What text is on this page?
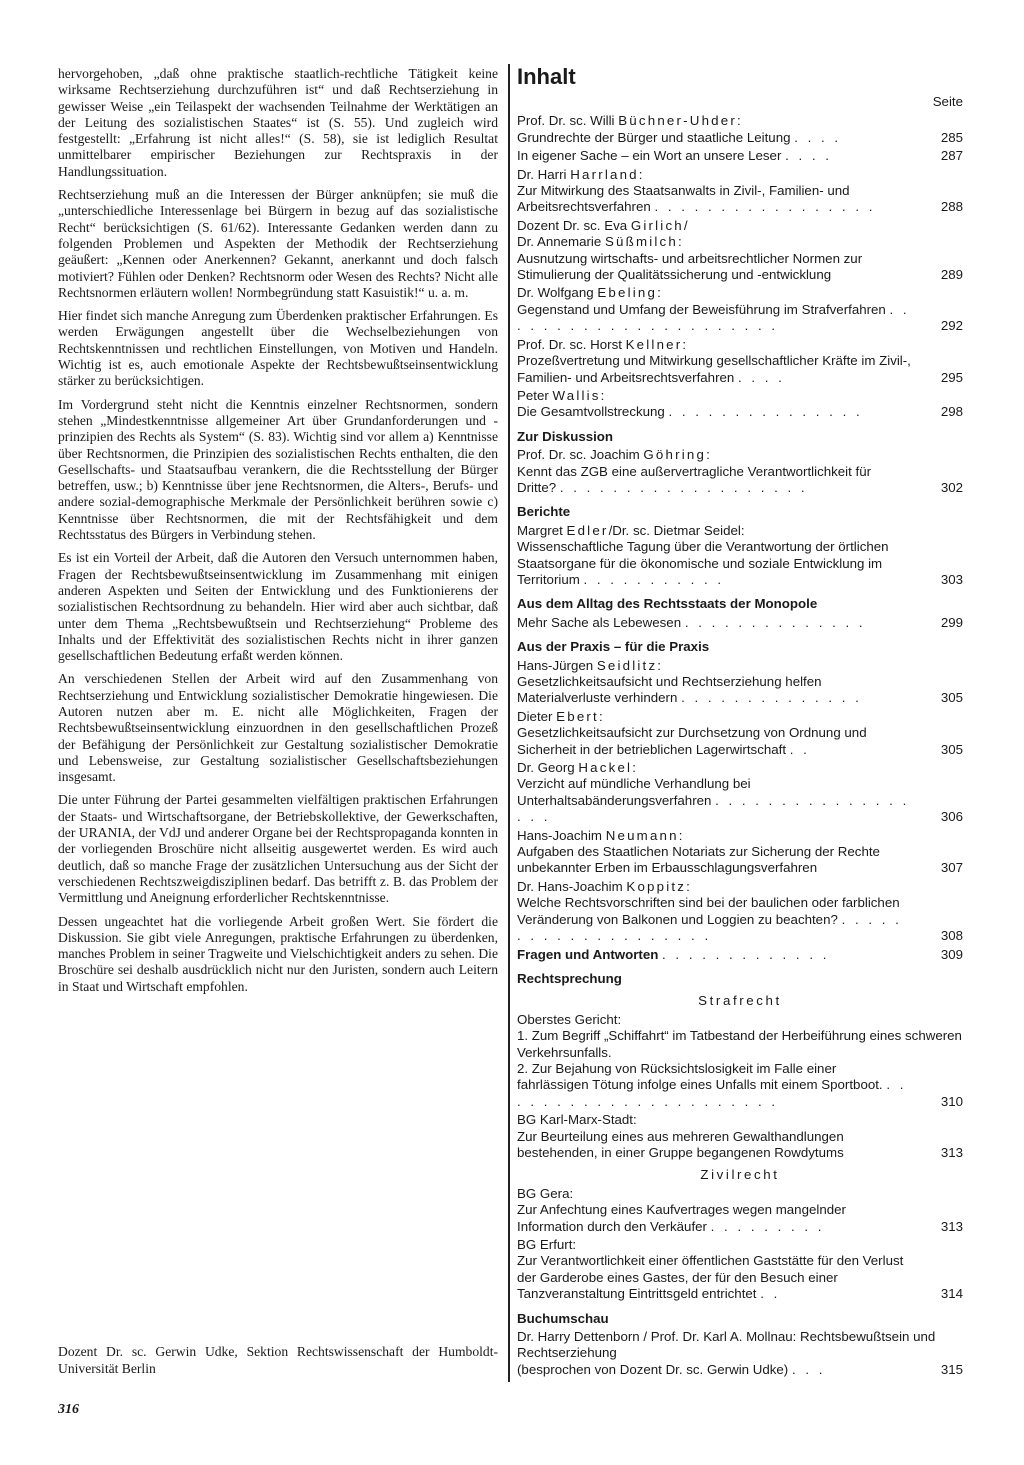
hervorgehoben, „daß ohne praktische staatlich-rechtliche Tätigkeit keine wirksame Rechtserziehung durchzuführen ist“ und daß Rechtserziehung in gewisser Weise „ein Teilaspekt der wachsenden Teilnahme der Werktätigen an der Leitung des sozialistischen Staates“ ist (S. 55). Und zugleich wird festgestellt: „Erfahrung ist nicht alles!“ (S. 58), sie ist lediglich Resultat unmittelbarer empirischer Beziehungen zur Rechtspraxis in der Handlungssituation.

Rechtserziehung muß an die Interessen der Bürger anknüpfen; sie muß die „unterschiedliche Interessenlage bei Bürgern in bezug auf das sozialistische Recht“ berücksichtigen (S. 61/62). Interessante Gedanken werden dann zu folgenden Problemen und Aspekten der Methodik der Rechtserziehung geäußert: „Kennen oder Anerkennen? Gekannt, anerkannt und doch falsch motiviert? Fühlen oder Denken? Rechtsnorm oder Wesen des Rechts? Nicht alle Rechtsnormen erläutern wollen! Normbegründung statt Kasuistik!“ u. a. m.

Hier findet sich manche Anregung zum Überdenken praktischer Erfahrungen. Es werden Erwägungen angestellt über die Wechselbeziehungen von Rechtskenntnissen und rechtlichen Einstellungen, von Motiven und Handeln. Wichtig ist es, auch emotionale Aspekte der Rechtsbewußtseinsentwicklung stärker zu berücksichtigen.

Im Vordergrund steht nicht die Kenntnis einzelner Rechtsnormen, sondern stehen „Mindestkenntnisse allgemeiner Art über Grundanforderungen und -prinzipien des Rechts als System“ (S. 83). Wichtig sind vor allem a) Kenntnisse über Rechtsnormen, die Prinzipien des sozialistischen Rechts enthalten, die den Gesellschafts- und Staatsaufbau verankern, die die Rechtsstellung der Bürger betreffen, usw.; b) Kenntnisse über jene Rechtsnormen, die Alters-, Berufs- und andere sozial-demographische Merkmale der Persönlichkeit berühren sowie c) Kenntnisse über Rechtsnormen, die mit der Rechtsfähigkeit und dem Rechtsstatus des Bürgers in Verbindung stehen.

Es ist ein Vorteil der Arbeit, daß die Autoren den Versuch unternommen haben, Fragen der Rechtsbewußtseinsentwicklung im Zusammenhang mit einigen anderen Aspekten und Seiten der Entwicklung und des Funktionierens der sozialistischen Rechtsordnung zu behandeln. Hier wird aber auch sichtbar, daß unter dem Thema „Rechtsbewußtsein und Rechtserziehung“ Probleme des Inhalts und der Effektivität des sozialistischen Rechts nicht in ihrer ganzen gesellschaftlichen Bedeutung erfaßt werden können.

An verschiedenen Stellen der Arbeit wird auf den Zusammenhang von Rechtserziehung und Entwicklung sozialistischer Demokratie hingewiesen. Die Autoren nutzen aber m. E. nicht alle Möglichkeiten, Fragen der Rechtsbewußtseinsentwicklung einzuordnen in den gesellschaftlichen Prozeß der Befähigung der Persönlichkeit zur Gestaltung sozialistischer Demokratie und Lebensweise, zur Gestaltung sozialistischer Gesellschaftsbeziehungen insgesamt.

Die unter Führung der Partei gesammelten vielfältigen praktischen Erfahrungen der Staats- und Wirtschaftsorgane, der Betriebskollektive, der Gewerkschaften, der URANIA, der VdJ und anderer Organe bei der Rechtspropaganda konnten in der vorliegenden Broschüre nicht allseitig ausgewertet werden. Es wird auch deutlich, daß so manche Frage der zusätzlichen Untersuchung aus der Sicht der verschiedenen Rechtszweigdisziplinen bedarf. Das betrifft z. B. das Problem der Vermittlung und Aneignung erforderlicher Rechtskenntnisse.

Dessen ungeachtet hat die vorliegende Arbeit großen Wert. Sie fördert die Diskussion. Sie gibt viele Anregungen, praktische Erfahrungen zu überdenken, manches Problem in seiner Tragweite und Vielschichtigkeit anders zu sehen. Die Broschüre sei deshalb ausdrücklich nicht nur den Juristen, sondern auch Leitern in Staat und Wirtschaft empfohlen.

Dozent Dr. sc. Gerwin Udke, Sektion Rechtswissenschaft der Humboldt-Universität Berlin
316
Inhalt
Seite
Prof. Dr. sc. Willi Büchner-Uhder:
Grundrechte der Bürger und staatliche Leitung . . . .	285
In eigener Sache – ein Wort an unsere Leser . . . .	287
Dr. Harri Harrland:
Zur Mitwirkung des Staatsanwalts in Zivil-, Familien- und Arbeitsrechtsverfahren . . . . . . . . . . . . . . . . .	288
Dozent Dr. sc. Eva Girlich/
Dr. Annemarie Süßmilch:
Ausnutzung wirtschafts- und arbeitsrechtlicher Normen zur Stimulierung der Qualitätssicherung und -entwicklung	289
Dr. Wolfgang Ebeling:
Gegenstand und Umfang der Beweisführung im Strafverfahren . . . . . . . . . . . . . . . . . . . . . .	292
Prof. Dr. sc. Horst Kellner:
Prozeßvertretung und Mitwirkung gesellschaftlicher Kräfte im Zivil-, Familien- und Arbeitsrechtsverfahren . . . .	295
Peter Wallis:
Die Gesamtvollstreckung . . . . . . . . . . . . . . .	298
Zur Diskussion
Prof. Dr. sc. Joachim Göhring:
Kennt das ZGB eine außervertragliche Verantwortlichkeit für Dritte? . . . . . . . . . . . . . . . . . . .	302
Berichte
Margret Edler/Dr. sc. Dietmar Seidel:
Wissenschaftliche Tagung über die Verantwortung der örtlichen Staatsorgane für die ökonomische und soziale Entwicklung im Territorium . . . . . . . . . . .	303
Aus dem Alltag des Rechtsstaats der Monopole
Mehr Sache als Lebewesen . . . . . . . . . . . . . .	299
Aus der Praxis – für die Praxis
Hans-Jürgen Seidlitz:
Gesetzlichkeitsaufsicht und Rechtserziehung helfen Materialverluste verhindern . . . . . . . . . . . . . .	305
Dieter Ebert:
Gesetzlichkeitsaufsicht zur Durchsetzung von Ordnung und Sicherheit in der betrieblichen Lagerwirtschaft . .	305
Dr. Georg Hackel:
Verzicht auf mündliche Verhandlung bei Unterhaltsabänderungsverfahren . . . . . . . . . . . . . . . . . .	306
Hans-Joachim Neumann:
Aufgaben des Staatlichen Notariats zur Sicherung der Rechte unbekannter Erben im Erbausschlagungsverfahren	307
Dr. Hans-Joachim Koppitz:
Welche Rechtsvorschriften sind bei der baulichen oder farblichen Veränderung von Balkonen und Loggien zu beachten? . . . . . . . . . . . . . . . . . . . .	308
Fragen und Antworten . . . . . . . . . . . . .	309
Rechtsprechung
Strafrecht
Oberstes Gericht:
1. Zum Begriff „Schiffahrt“ im Tatbestand der Herbeiführung eines schweren Verkehrsunfalls.
2. Zur Bejahung von Rücksichtslosigkeit im Falle einer fahrlässigen Tötung infolge eines Unfalls mit einem Sportboot. . . . . . . . . . . . . . . . . . . . . . .	310
BG Karl-Marx-Stadt:
Zur Beurteilung eines aus mehreren Gewalthandlungen bestehenden, in einer Gruppe begangenen Rowdytums	313
Zivilrecht
BG Gera:
Zur Anfechtung eines Kaufvertrages wegen mangelnder Information durch den Verkäufer . . . . . . . . .	313
BG Erfurt:
Zur Verantwortlichkeit einer öffentlichen Gaststätte für den Verlust der Garderobe eines Gastes, der für den Besuch einer Tanzveranstaltung Eintrittsgeld entrichtet . .	314
Buchumschau
Dr. Harry Dettenborn / Prof. Dr. Karl A. Mollnau: Rechtsbewußtsein und Rechtserziehung
(besprochen von Dozent Dr. sc. Gerwin Udke) . . .	315
